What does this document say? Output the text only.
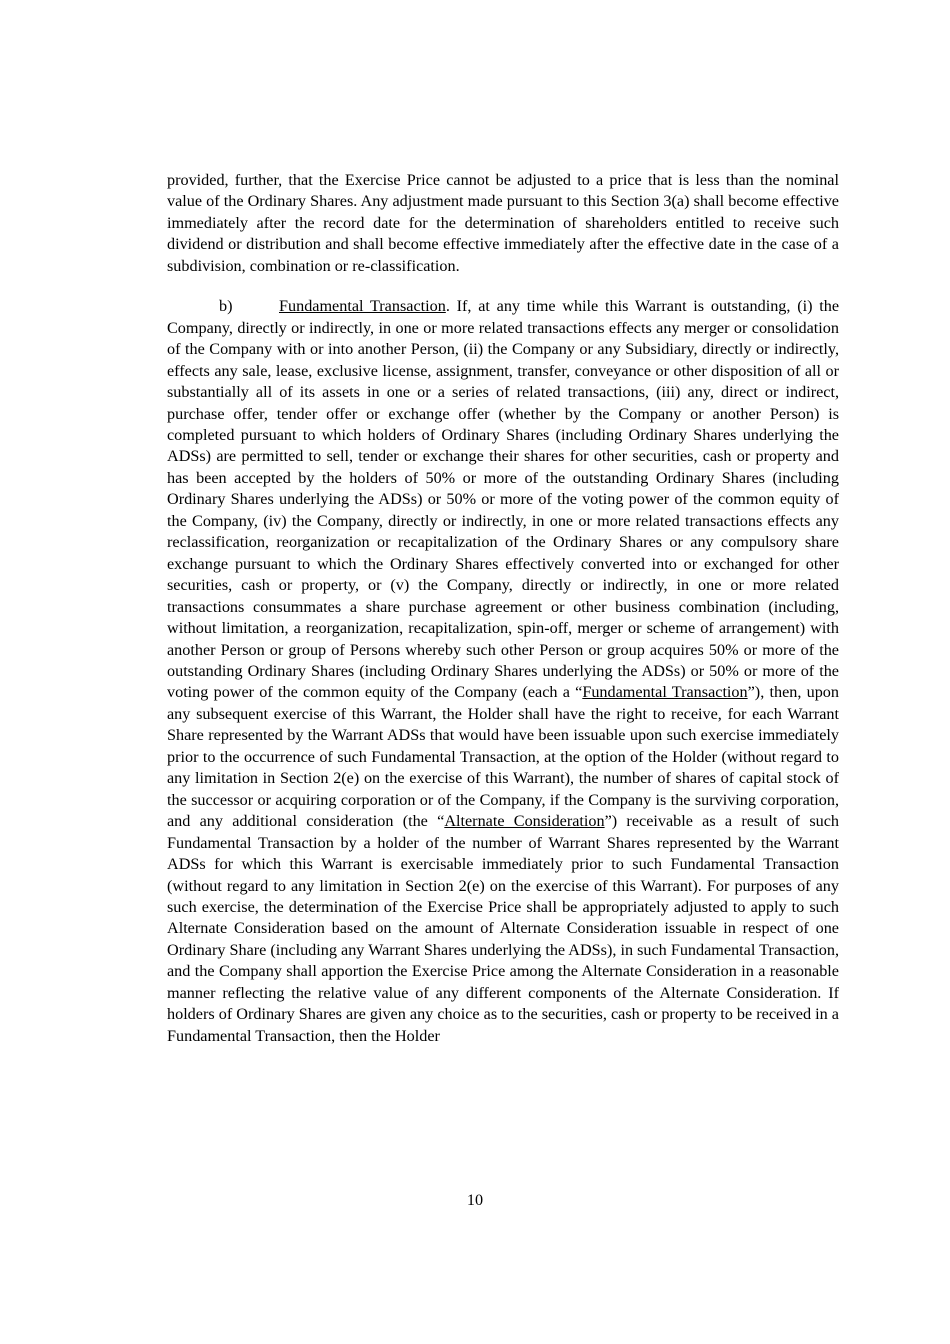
provided, further, that the Exercise Price cannot be adjusted to a price that is less than the nominal value of the Ordinary Shares. Any adjustment made pursuant to this Section 3(a) shall become effective immediately after the record date for the determination of shareholders entitled to receive such dividend or distribution and shall become effective immediately after the effective date in the case of a subdivision, combination or re-classification.

b)	Fundamental Transaction. If, at any time while this Warrant is outstanding, (i) the Company, directly or indirectly, in one or more related transactions effects any merger or consolidation of the Company with or into another Person, (ii) the Company or any Subsidiary, directly or indirectly, effects any sale, lease, exclusive license, assignment, transfer, conveyance or other disposition of all or substantially all of its assets in one or a series of related transactions, (iii) any, direct or indirect, purchase offer, tender offer or exchange offer (whether by the Company or another Person) is completed pursuant to which holders of Ordinary Shares (including Ordinary Shares underlying the ADSs) are permitted to sell, tender or exchange their shares for other securities, cash or property and has been accepted by the holders of 50% or more of the outstanding Ordinary Shares (including Ordinary Shares underlying the ADSs) or 50% or more of the voting power of the common equity of the Company, (iv) the Company, directly or indirectly, in one or more related transactions effects any reclassification, reorganization or recapitalization of the Ordinary Shares or any compulsory share exchange pursuant to which the Ordinary Shares effectively converted into or exchanged for other securities, cash or property, or (v) the Company, directly or indirectly, in one or more related transactions consummates a share purchase agreement or other business combination (including, without limitation, a reorganization, recapitalization, spin-off, merger or scheme of arrangement) with another Person or group of Persons whereby such other Person or group acquires 50% or more of the outstanding Ordinary Shares (including Ordinary Shares underlying the ADSs) or 50% or more of the voting power of the common equity of the Company (each a “Fundamental Transaction”), then, upon any subsequent exercise of this Warrant, the Holder shall have the right to receive, for each Warrant Share represented by the Warrant ADSs that would have been issuable upon such exercise immediately prior to the occurrence of such Fundamental Transaction, at the option of the Holder (without regard to any limitation in Section 2(e) on the exercise of this Warrant), the number of shares of capital stock of the successor or acquiring corporation or of the Company, if the Company is the surviving corporation, and any additional consideration (the “Alternate Consideration”) receivable as a result of such Fundamental Transaction by a holder of the number of Warrant Shares represented by the Warrant ADSs for which this Warrant is exercisable immediately prior to such Fundamental Transaction (without regard to any limitation in Section 2(e) on the exercise of this Warrant). For purposes of any such exercise, the determination of the Exercise Price shall be appropriately adjusted to apply to such Alternate Consideration based on the amount of Alternate Consideration issuable in respect of one Ordinary Share (including any Warrant Shares underlying the ADSs), in such Fundamental Transaction, and the Company shall apportion the Exercise Price among the Alternate Consideration in a reasonable manner reflecting the relative value of any different components of the Alternate Consideration. If holders of Ordinary Shares are given any choice as to the securities, cash or property to be received in a Fundamental Transaction, then the Holder

10
